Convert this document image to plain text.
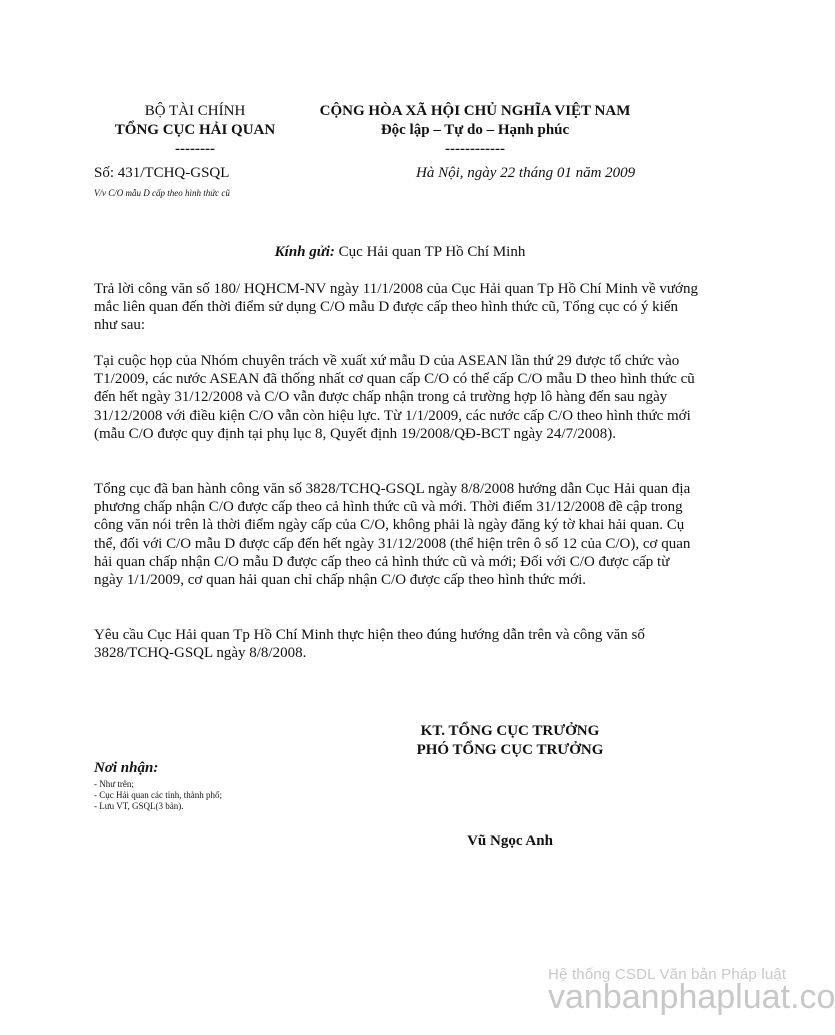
BỘ TÀI CHÍNH
TỔNG CỤC HẢI QUAN
--------
CỘNG HÒA XÃ HỘI CHỦ NGHĨA VIỆT NAM
Độc lập – Tự do – Hạnh phúc
------------
Số: 431/TCHQ-GSQL
V/v C/O mẫu D cấp theo hình thức cũ
Hà Nội, ngày 22 tháng 01 năm 2009
Kính gửi: Cục Hải quan TP Hồ Chí Minh

Trả lời công văn số 180/ HQHCM-NV ngày 11/1/2008 của Cục Hải quan Tp Hồ Chí Minh về vướng mắc liên quan đến thời điểm sử dụng C/O mẫu D được cấp theo hình thức cũ, Tổng cục có ý kiến như sau:

Tại cuộc họp của Nhóm chuyên trách về xuất xứ mẫu D của ASEAN lần thứ 29 được tổ chức vào T1/2009, các nước ASEAN đã thống nhất cơ quan cấp C/O có thể cấp C/O mẫu D theo hình thức cũ đến hết ngày 31/12/2008 và C/O vẫn được chấp nhận trong cả trường hợp lô hàng đến sau ngày 31/12/2008 với điều kiện C/O vẫn còn hiệu lực. Từ 1/1/2009, các nước cấp C/O theo hình thức mới (mẫu C/O được quy định tại phụ lục 8, Quyết định 19/2008/QĐ-BCT ngày 24/7/2008).

Tổng cục đã ban hành công văn số 3828/TCHQ-GSQL ngày 8/8/2008 hướng dẫn Cục Hải quan địa phương chấp nhận C/O được cấp theo cả hình thức cũ và mới. Thời điểm 31/12/2008 đề cập trong công văn nói trên là thời điểm ngày cấp của C/O, không phải là ngày đăng ký tờ khai hải quan. Cụ thể, đối với C/O mẫu D được cấp đến hết ngày 31/12/2008 (thể hiện trên ô số 12 của C/O), cơ quan hải quan chấp nhận C/O mẫu D được cấp theo cả hình thức cũ và mới; Đối với C/O được cấp từ ngày 1/1/2009, cơ quan hải quan chỉ chấp nhận C/O được cấp theo hình thức mới.

Yêu cầu Cục Hải quan Tp Hồ Chí Minh thực hiện theo đúng hướng dẫn trên và công văn số 3828/TCHQ-GSQL ngày 8/8/2008.

KT. TỔNG CỤC TRƯỞNG
PHÓ TỔNG CỤC TRƯỞNG
Nơi nhận:
- Như trên;
- Cục Hải quan các tỉnh, thành phố;
- Lưu VT, GSQL(3 bản).
Vũ Ngọc Anh
Hệ thống CSDL Văn bản Pháp luật
vanbanphapluat.co
